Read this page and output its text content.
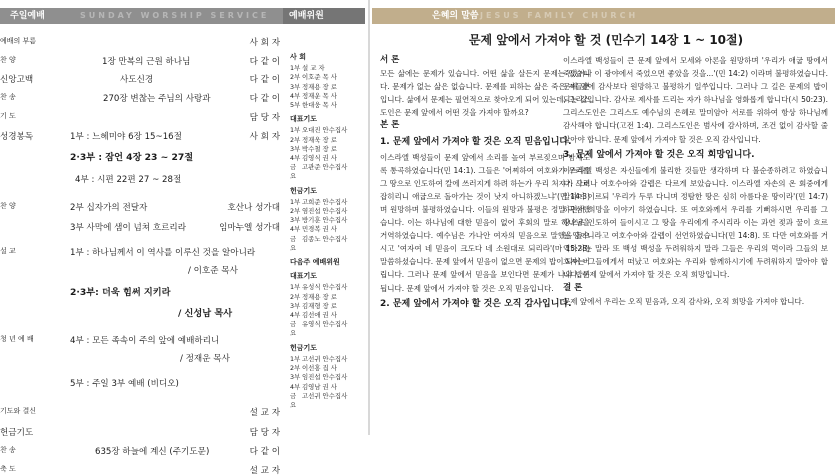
주일예배	SUNDAY WORSHIP SERVICE	예배위원	은혜의 말씀 JESUS FAMILY CHURCH
예배의 부름	사 회 자
찬 양	1장 만복의 근원 하나님	다 같 이
신앙고백	사도신경	다 같 이
찬 송	270장 변찮는 주님의 사랑과	다 같 이
기 도	담 당 자
성경봉독	1부 : 느헤미야 6장 15~16절	사 회 자
2·3부 : 잠언 4장 23 ~ 27절
4부 : 시편 22편 27 ~ 28절
찬 양	2부 십자가의 전달자	호산나 성가대
3부 사막에 샘이 넘쳐 흐르리라	임마누엘 성가대
설 교	1부 : 하나님께서 이 역사를 이루신 것을 알아니라
/ 이호준 목사
2·3부: 더욱 힘써 지키라
/ 신성남 목사
청 년 예 배	4부 : 모든 족속이 주의 앞에 예배하리니
/ 정재운 목사
5부 : 주일 3부 예배 (비디오)
기도와 결신	설 교 자
헌금기도	담 당 자
찬 송	635장 하늘에 계신 (주기도문)	다 같 이
축 도	설 교 자
사 회
1부 설 교 자
2부 이호준 목 사
3부 정재용 장 로
4부 정재운 목 사
5부 한대웅 목 사
대표기도
1부 오대진 안수집사
2부 정재욱 장 로
3부 박수철 장 로
4부 김영식 권 사
금요
고관준 안수집사
헌금기도
1부 고희준 안수집사
2부 염진섭 안수집사
3부 방기훈 안수집사
4부 민경복 권 사
금요
김종노 안수집사
다음주 예배위원
대표기도
1부 유성식 안수집사
2부 정재용 장 로
3부 김재형 장 로
4부 김선애 권 사
금요
유영식 안수집사
헌금기도
1부 고선귀 안수집사
2부 이선홍 집 사
3부 임진섭 안수집사
4부 김영남 권 사
금요
고선귀 안수집사
문제 앞에서 가져야 할 것 (민수기 14장 1 ~ 10절)

서 론

모든 삶에는 문제가 있습니다. 어떤 삶을 살든지 문제는 있습니다. 문제가 없는 삶은 없습니다. 문제를 피하는 삶은 죽은 자들뿐입니다. 삶에서 문제는 필연적으로 찾아오게 되어 있는데, 그리스도인은 문제 앞에서 어떤 것을 가져야 할까요?

본 론

1. 문제 앞에서 가져야 할 것은 오직 믿음입니다.

이스라엘 백성들이 문제 앞에서 소리를 높여 부르짖으며 밤새도록 통곡하였습니다(민 14:1). 그들은 '어찌하여 여호와가 우리를 그 땅으로 인도하여 칼에 쓰러지게 하려 하는가 우리 처자가 사로잡히리니 애굽으로 돌아가는 것이 낫지 아니하겠느냐'(민 14:3)며 원망하며 불평하였습니다. 이들의 원망과 불평은 정말 극심했습니다. 이는 하나님에 대한 믿음이 없어 후회의 말로 하나님을 거역하였습니다. 예수님은 가나안 여자의 믿음으로 말했을 들으시고 '여자여 네 믿음이 크도다 네 소원대로 되리라'(마 15:28) 말씀하셨습니다. 문제 앞에서 믿음이 없으면 문제의 밥이 되어 버립니다. 그러나 문제 앞에서 믿음을 보인다면 문제가 나의 밥이 됩니다. 문제 앞에서 가져야 할 것은 오직 믿음입니다.

2. 문제 앞에서 가져야 할 것은 오직 감사입니다.

이스라엘 백성들이 큰 문제 앞에서 모세와 아론을 원망하며 '우리가 애굽 땅에서 죽었거나 이 광야에서 죽었으면 좋았을 것을...'(민 14:2) 이라며 불평하였습니다. 문제 앞에 감사보다 원망하고 불평하기 일쑤입니다. 그러나 그 길은 문제의 밥이 되는 길입니다. 감사로 제사를 드리는 자가 하나님을 영화롭게 합니다(시 50:23). 그리스도인은 그리스도 예수님의 은혜로 말미암아 서로를 위하여 항상 하나님께 감사해야 합니다(고전 1:4). 그리스도인은 범사에 감사하며, 조건 없이 감사할 줄 알아야 합니다. 문제 앞에서 가져야 할 것은 오직 감사입니다.

3. 문제 앞에서 가져야 할 것은 오직 희망입니다.

이스라엘 백성은 자신들에게 불리한 것들만 생각하며 다 불순종하려고 하였습니다. 그러나 여호수아와 갈렙은 다르게 보았습니다. 이스라엘 자손의 온 회중에게 말하여 이르되 '우리가 두루 다니며 정탐한 땅은 심히 아름다운 땅이라'(민 14:7) 하면서 희망을 이야기 하였습니다. 또 여호와께서 우리를 기뻐하시면 우리를 그 땅으로 인도하여 들이시고 그 땅을 우리에게 주시리라 이는 과연 젖과 꿀이 흐르는 땅이니라고 여호수아와 갈렙이 선언하였습니다(민 14:8). 또 다만 여호와를 거역하지는 말라 또 백성 백성을 두려워하지 말라 그들은 우리의 먹이라 그들의 보호자는 그들에게서 떠났고 여호와는 우리와 함께하시기에 두려워하지 말아야 합니다. 문제 앞에서 가져야 할 것은 오직 희망입니다.

결 론

문제 앞에서 우리는 오직 믿음과, 오직 감사와, 오직 희망을 가져야 합니다.
